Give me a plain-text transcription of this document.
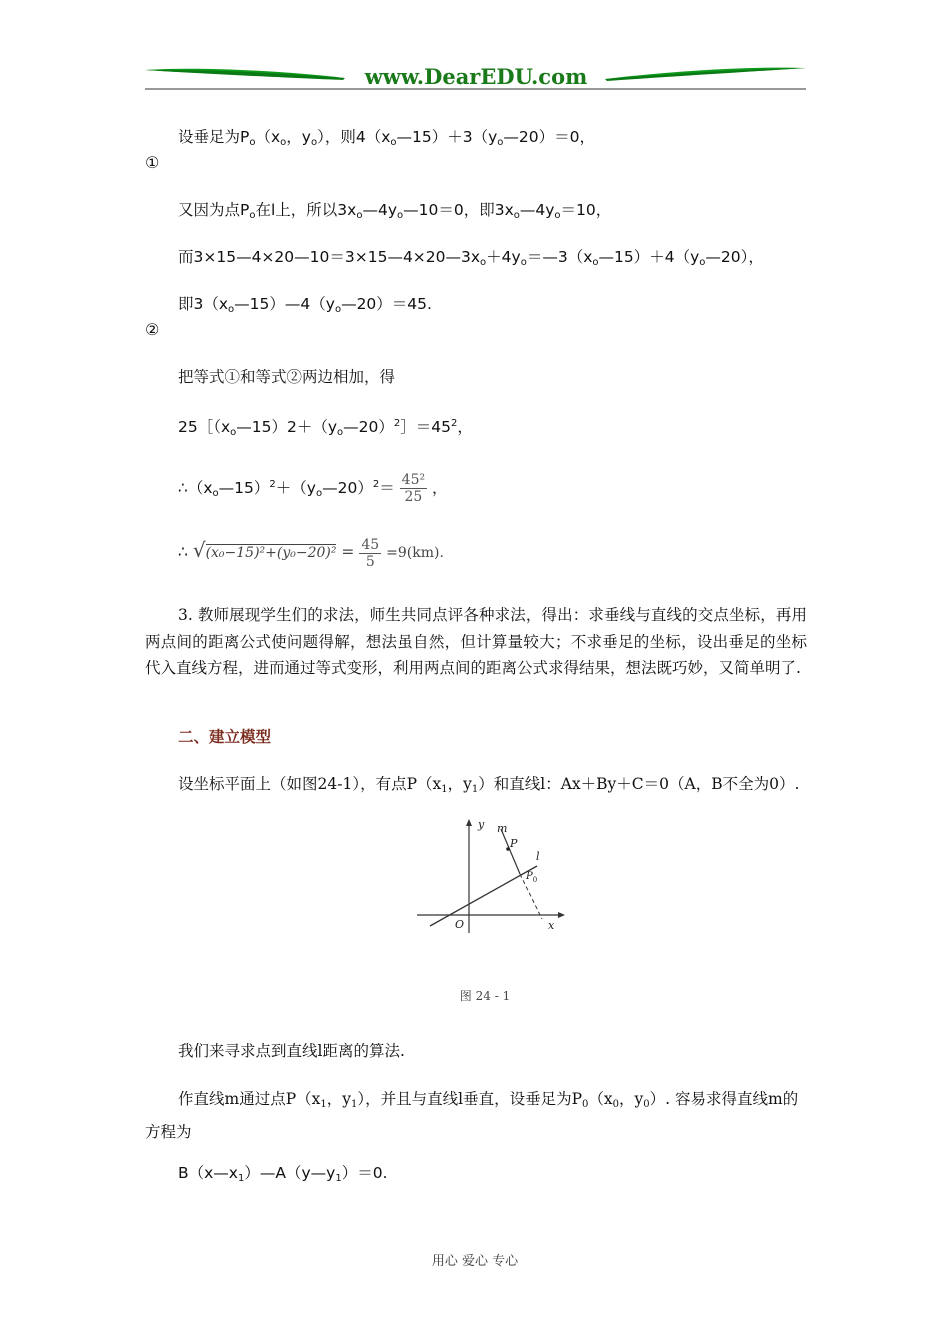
www.DearEDU.com
设垂足为$P_o(x_o$，$y_o$），则$4(x_o—15)+3(y_o—20)=0$，
①
又因为点$P_o$在l上，所以$3x_o—4y_o—10=0$，即$3x_o—4y_o=10$，
而$3\times 15—4\times 20—10=3\times 15—4\times 20—3x_o+4y_o=—3(x_o—15)+4(y_o—20)$，
即$3(x_o—15)—4(y_o—20)=45$.
②
把等式①和等式②两边相加，得
$25[(x_o—15)2+(y_o—20)^2]=45^2$，
$\therefore(x_o—15)^2+(y_o—20)^2= \frac{\text{45²}}{25}$ ，
∴ $√(x_0-15)^2+(y_0-20)^2 = \frac{45}{5} =9(km)$.
3. 教师展现学生们的求法，师生共同点评各种求法，得出：求垂线与直线的交点坐标，再用两点间的距离公式使问题得解，想法虽自然，但计算量较大；不求垂足的坐标，设出垂足的坐标代入直线方程，进而通过等式变形，利用两点间的距离公式求得结果，想法既巧妙，又简单明了.
二、建立模型
设坐标平面上（如图24-1），有点$P(x_1$，$y_1$）和直线l：Ax＋By＋C＝0（A，B不全为0）.
y m
P
l
$P_0$
O	x
图 24 - 1
我们来寻求点到直线l距离的算法.
作直线m通过点$P(x_1$，$y_1$），并且与直线l垂直，设垂足为$P_0(x_0$，$y_0$）. 容易求得直线m的方程为
$B(x—x_1)—A(y—y_1)=0$.
用心 爱心 专心
